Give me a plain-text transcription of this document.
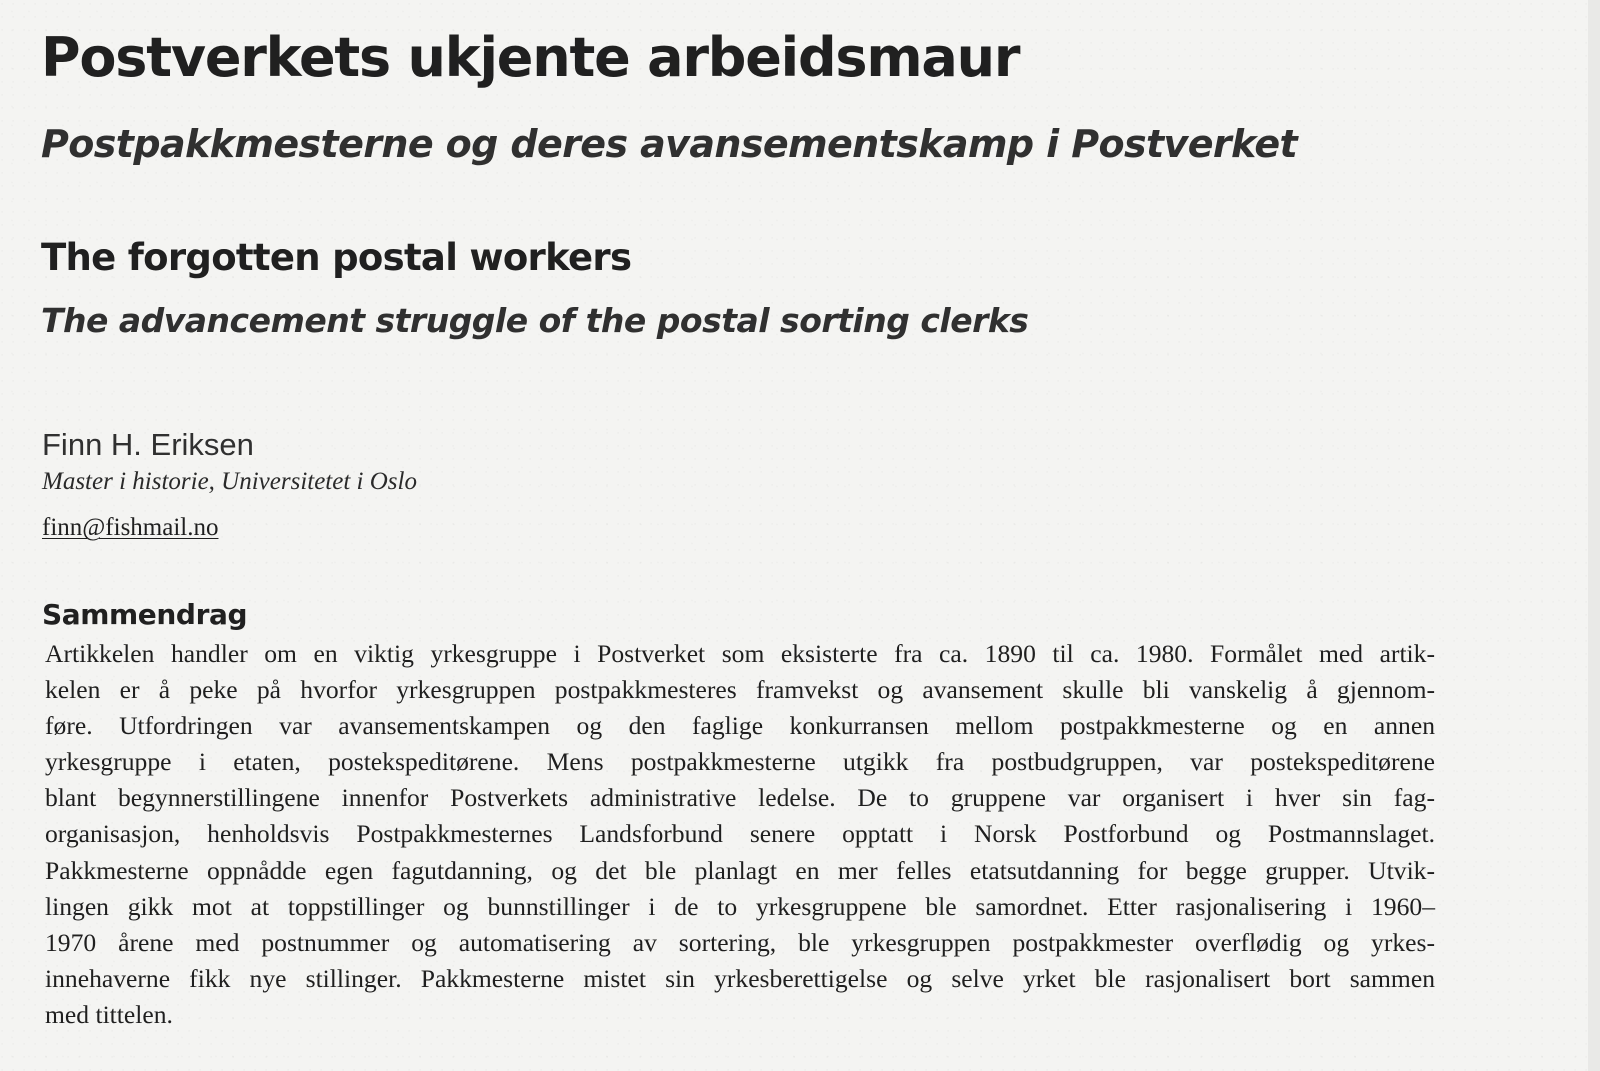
Postverkets ukjente arbeidsmaur
Postpakkmesterne og deres avansementskamp i Postverket
The forgotten postal workers
The advancement struggle of the postal sorting clerks
Finn H. Eriksen
Master i historie, Universitetet i Oslo
finn@fishmail.no
Sammendrag
Artikkelen handler om en viktig yrkesgruppe i Postverket som eksisterte fra ca. 1890 til ca. 1980. Formålet med artik-
kelen er å peke på hvorfor yrkesgruppen postpakkmesteres framvekst og avansement skulle bli vanskelig å gjennom-
føre. Utfordringen var avansementskampen og den faglige konkurransen mellom postpakkmesterne og en annen
yrkesgruppe i etaten, postekspeditørene. Mens postpakkmesterne utgikk fra postbudgruppen, var postekspeditørene
blant begynnerstillingene innenfor Postverkets administrative ledelse. De to gruppene var organisert i hver sin fag-
organisasjon, henholdsvis Postpakkmesternes Landsforbund senere opptatt i Norsk Postforbund og Postmannslaget.
Pakkmesterne oppnådde egen fagutdanning, og det ble planlagt en mer felles etatsutdanning for begge grupper. Utvik-
lingen gikk mot at toppstillinger og bunnstillinger i de to yrkesgruppene ble samordnet. Etter rasjonalisering i 1960–
1970 årene med postnummer og automatisering av sortering, ble yrkesgruppen postpakkmester overflødig og yrkes-
innehaverne fikk nye stillinger. Pakkmesterne mistet sin yrkesberettigelse og selve yrket ble rasjonalisert bort sammen
med tittelen.
